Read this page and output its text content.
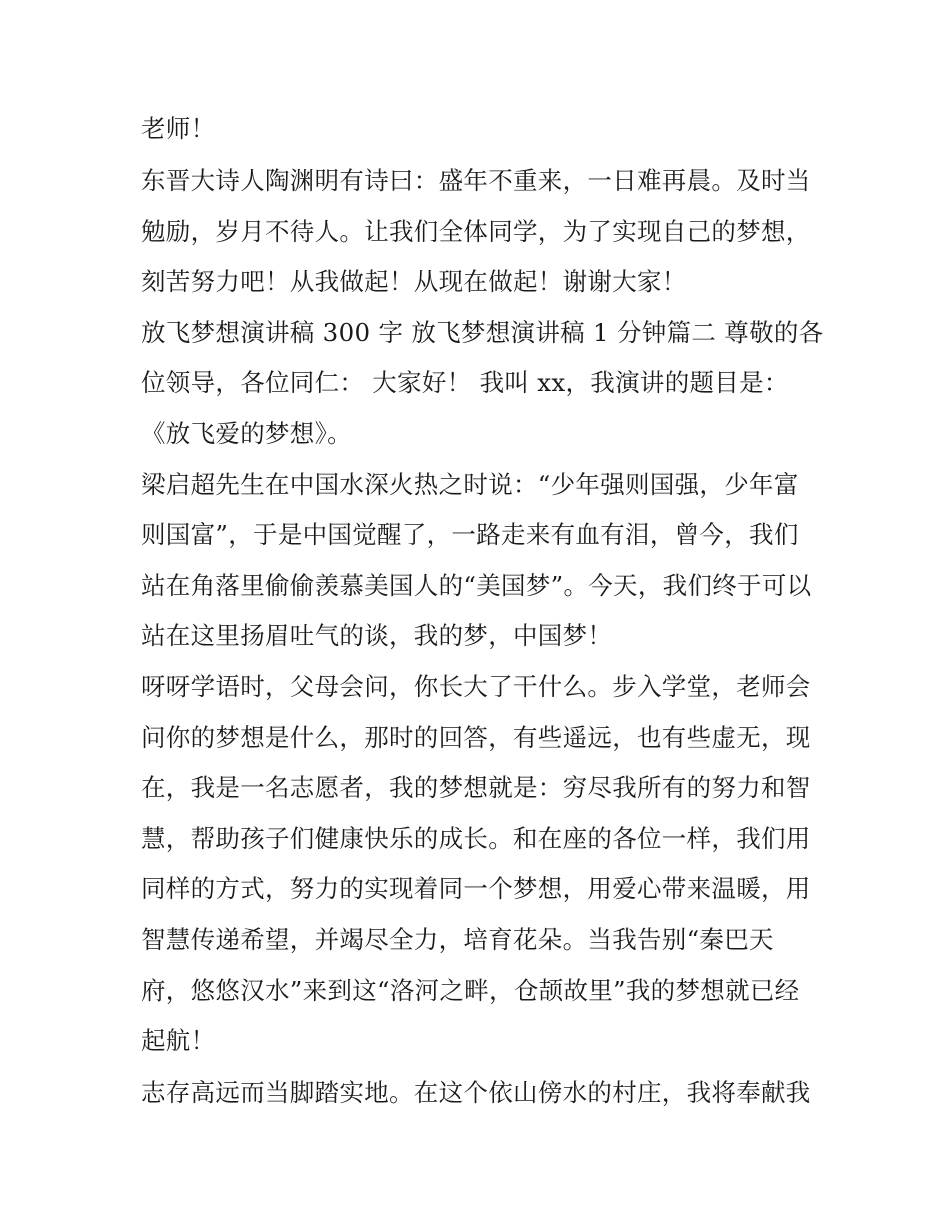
老师！
东晋大诗人陶渊明有诗曰：盛年不重来，一日难再晨。及时当
勉励，岁月不待人。让我们全体同学，为了实现自己的梦想，
刻苦努力吧！从我做起！从现在做起！谢谢大家！
放飞梦想演讲稿 300 字 放飞梦想演讲稿 1 分钟篇二 尊敬的各
位领导，各位同仁： 大家好！ 我叫 xx，我演讲的题目是：
《放飞爱的梦想》。
梁启超先生在中国水深火热之时说：“少年强则国强，少年富
则国富”，于是中国觉醒了，一路走来有血有泪，曾今，我们
站在角落里偷偷羡慕美国人的“美国梦”。今天，我们终于可以
站在这里扬眉吐气的谈，我的梦，中国梦！
呀呀学语时，父母会问，你长大了干什么。步入学堂，老师会
问你的梦想是什么，那时的回答，有些遥远，也有些虚无，现
在，我是一名志愿者，我的梦想就是：穷尽我所有的努力和智
慧，帮助孩子们健康快乐的成长。和在座的各位一样，我们用
同样的方式，努力的实现着同一个梦想，用爱心带来温暖，用
智慧传递希望，并竭尽全力，培育花朵。当我告别“秦巴天
府，悠悠汉水”来到这“洛河之畔，仓颉故里”我的梦想就已经
起航！
志存高远而当脚踏实地。在这个依山傍水的村庄，我将奉献我
